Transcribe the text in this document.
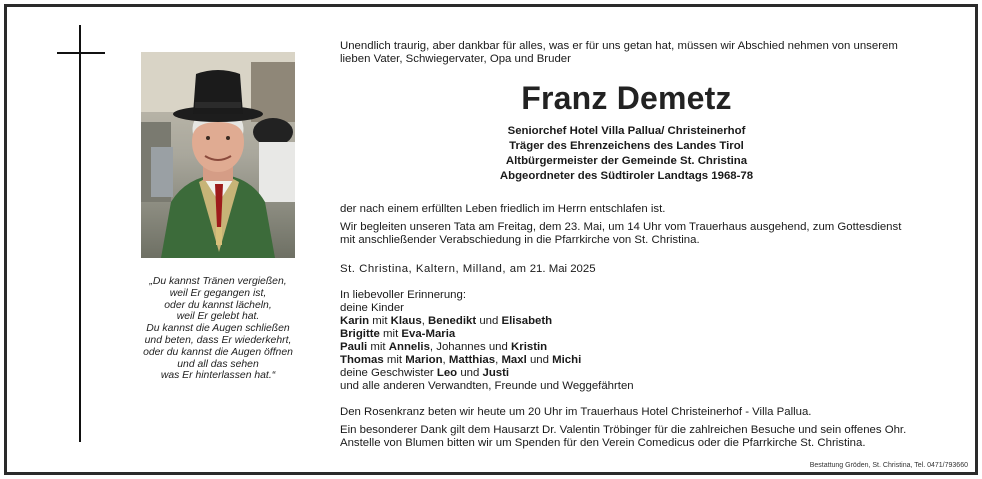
„Du kannst Tränen vergießen,
weil Er gegangen ist,
oder du kannst lächeln,
weil Er gelebt hat.
Du kannst die Augen schließen
und beten, dass Er wiederkehrt,
oder du kannst die Augen öffnen
und all das sehen
was Er hinterlassen hat.“
Unendlich traurig, aber dankbar für alles, was er für uns getan hat, müssen wir Abschied nehmen von unserem
lieben Vater, Schwiegervater, Opa und Bruder
Franz Demetz
Seniorchef Hotel Villa Pallua/ Christeinerhof
Träger des Ehrenzeichens des Landes Tirol
Altbürgermeister der Gemeinde St. Christina
Abgeordneter des Südtiroler Landtags 1968-78
der nach einem erfüllten Leben friedlich im Herrn entschlafen ist.
Wir begleiten unseren Tata am Freitag, dem 23. Mai, um 14 Uhr vom Trauerhaus ausgehend, zum Gottesdienst
mit anschließender Verabschiedung in die Pfarrkirche von St. Christina.
St. Christina, Kaltern, Milland, am 21. Mai 2025
In liebevoller Erinnerung:
deine Kinder
Karin mit Klaus, Benedikt und Elisabeth
Brigitte mit Eva-Maria
Pauli mit Annelis, Johannes und Kristin
Thomas mit Marion, Matthias, Maxl und Michi
deine Geschwister Leo und Justi
und alle anderen Verwandten, Freunde und Weggefährten
Den Rosenkranz beten wir heute um 20 Uhr im Trauerhaus Hotel Christeinerhof - Villa Pallua.
Ein besonderer Dank gilt dem Hausarzt Dr. Valentin Tröbinger für die zahlreichen Besuche und sein offenes Ohr.
Anstelle von Blumen bitten wir um Spenden für den Verein Comedicus oder die Pfarrkirche St. Christina.
Bestattung Gröden, St. Christina, Tel. 0471/793660
